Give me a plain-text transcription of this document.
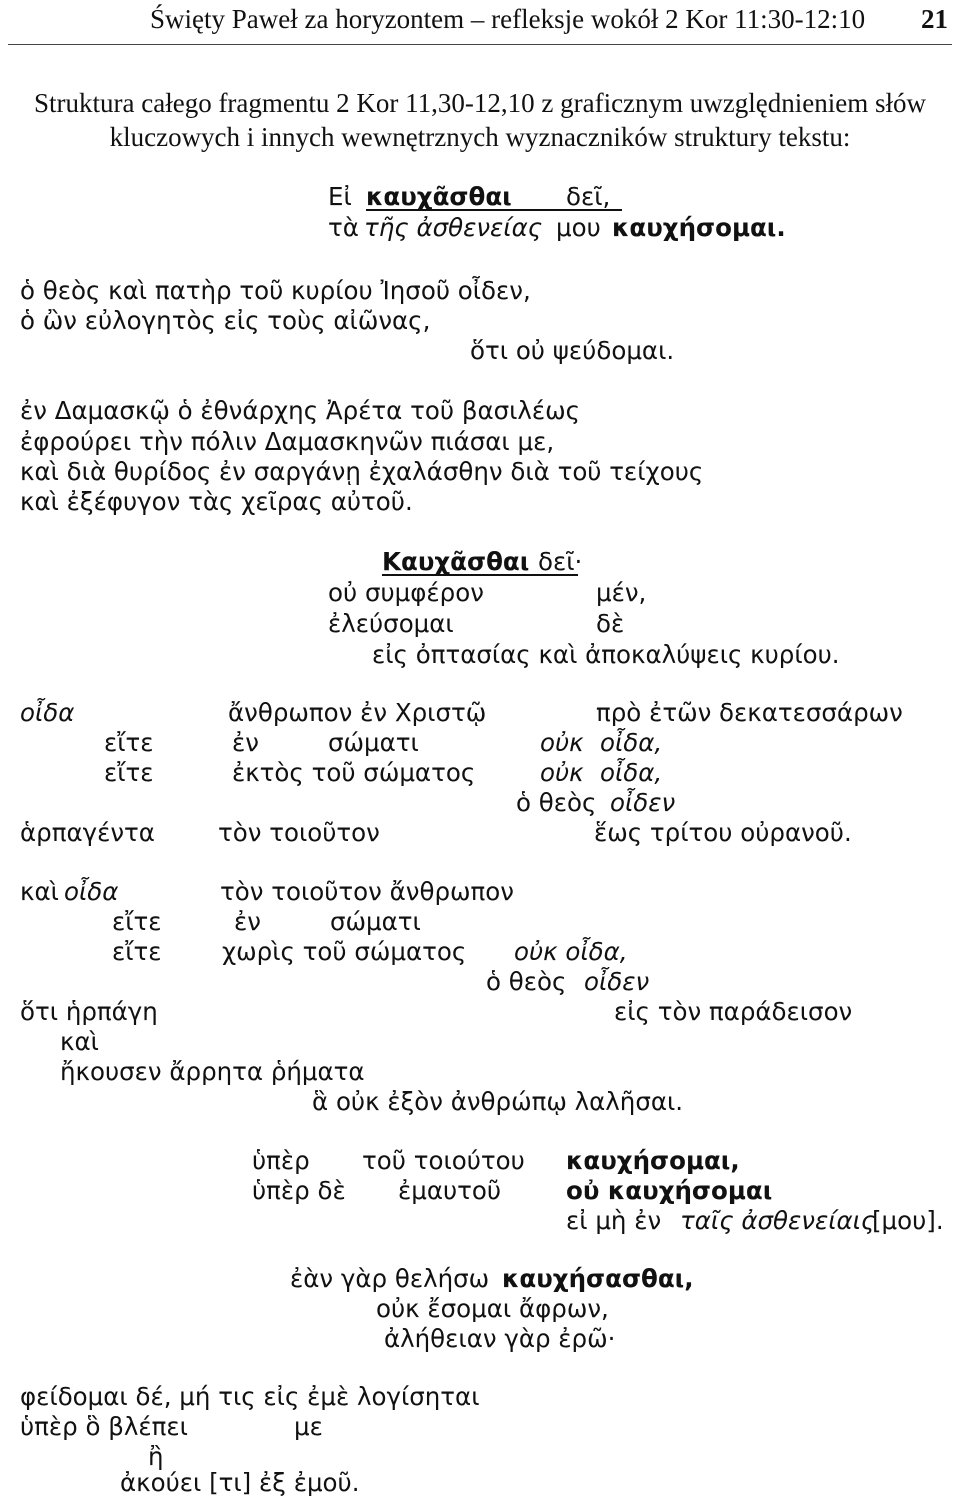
Święty Paweł za horyzontem – refleksje wokół 2 Kor 11:30-12:10 21
Struktura całego fragmentu 2 Kor 11,30-12,10 z graficznym uwzględnieniem słów
kluczowych i innych wewnętrznych wyznaczników struktury tekstu:
Εἰ καυχᾶσθαι δεῖ,
τὰ τῆς ἀσθενείας μου καυχήσομαι.
ὁ θεὸς καὶ πατὴρ τοῦ κυρίου Ἰησοῦ οἶδεν,
ὁ ὢν εὐλογητὸς εἰς τοὺς αἰῶνας,
ὅτι οὐ ψεύδομαι.
ἐν Δαμασκῷ ὁ ἐθνάρχης Ἀρέτα τοῦ βασιλέως
ἐφρούρει τὴν πόλιν Δαμασκηνῶν πιάσαι με,
καὶ διὰ θυρίδος ἐν σαργάνῃ ἐχαλάσθην διὰ τοῦ τείχους
καὶ ἐξέφυγον τὰς χεῖρας αὐτοῦ.
Καυχᾶσθαι δεῖ·
οὐ συμφέρον	μέν,
ἐλεύσομαι	δὲ
εἰς ὀπτασίας καὶ ἀποκαλύψεις κυρίου.
οἶδα	ἄνθρωπον ἐν Χριστῷ	πρὸ ἐτῶν δεκατεσσάρων
εἴτε	ἐν	σώματι	οὐκ οἶδα,
εἴτε	ἐκτὸς τοῦ σώματος	οὐκ οἶδα,
ὁ θεὸς οἶδεν
ἁρπαγέντα	τὸν τοιοῦτον	ἕως τρίτου οὐρανοῦ.
καὶ οἶδα	τὸν τοιοῦτον ἄνθρωπον
εἴτε	ἐν	σώματι
εἴτε χωρὶς τοῦ σώματος οὐκ οἶδα,
ὁ θεὸς οἶδεν
ὅτι ἡρπάγη	εἰς τὸν παράδεισον
καὶ
ἤκουσεν ἄρρητα ῥήματα
ἃ οὐκ ἐξὸν ἀνθρώπῳ λαλῆσαι.
ὑπὲρ τοῦ τοιούτου καυχήσομαι,
ὑπὲρ δὲ ἐμαυτοῦ	οὐ καυχήσομαι
εἰ μὴ ἐν ταῖς ἀσθενείαις
[μου].
ἐὰν γὰρ θελήσω καυχήσασθαι,
οὐκ ἔσομαι ἄφρων,
ἀλήθειαν γὰρ ἐρῶ·
φείδομαι δέ, μή τις εἰς ἐμὲ λογίσηται
ὑπὲρ ὃ βλέπει	με
ἢ
ἀκούει [τι] ἐξ ἐμοῦ.
